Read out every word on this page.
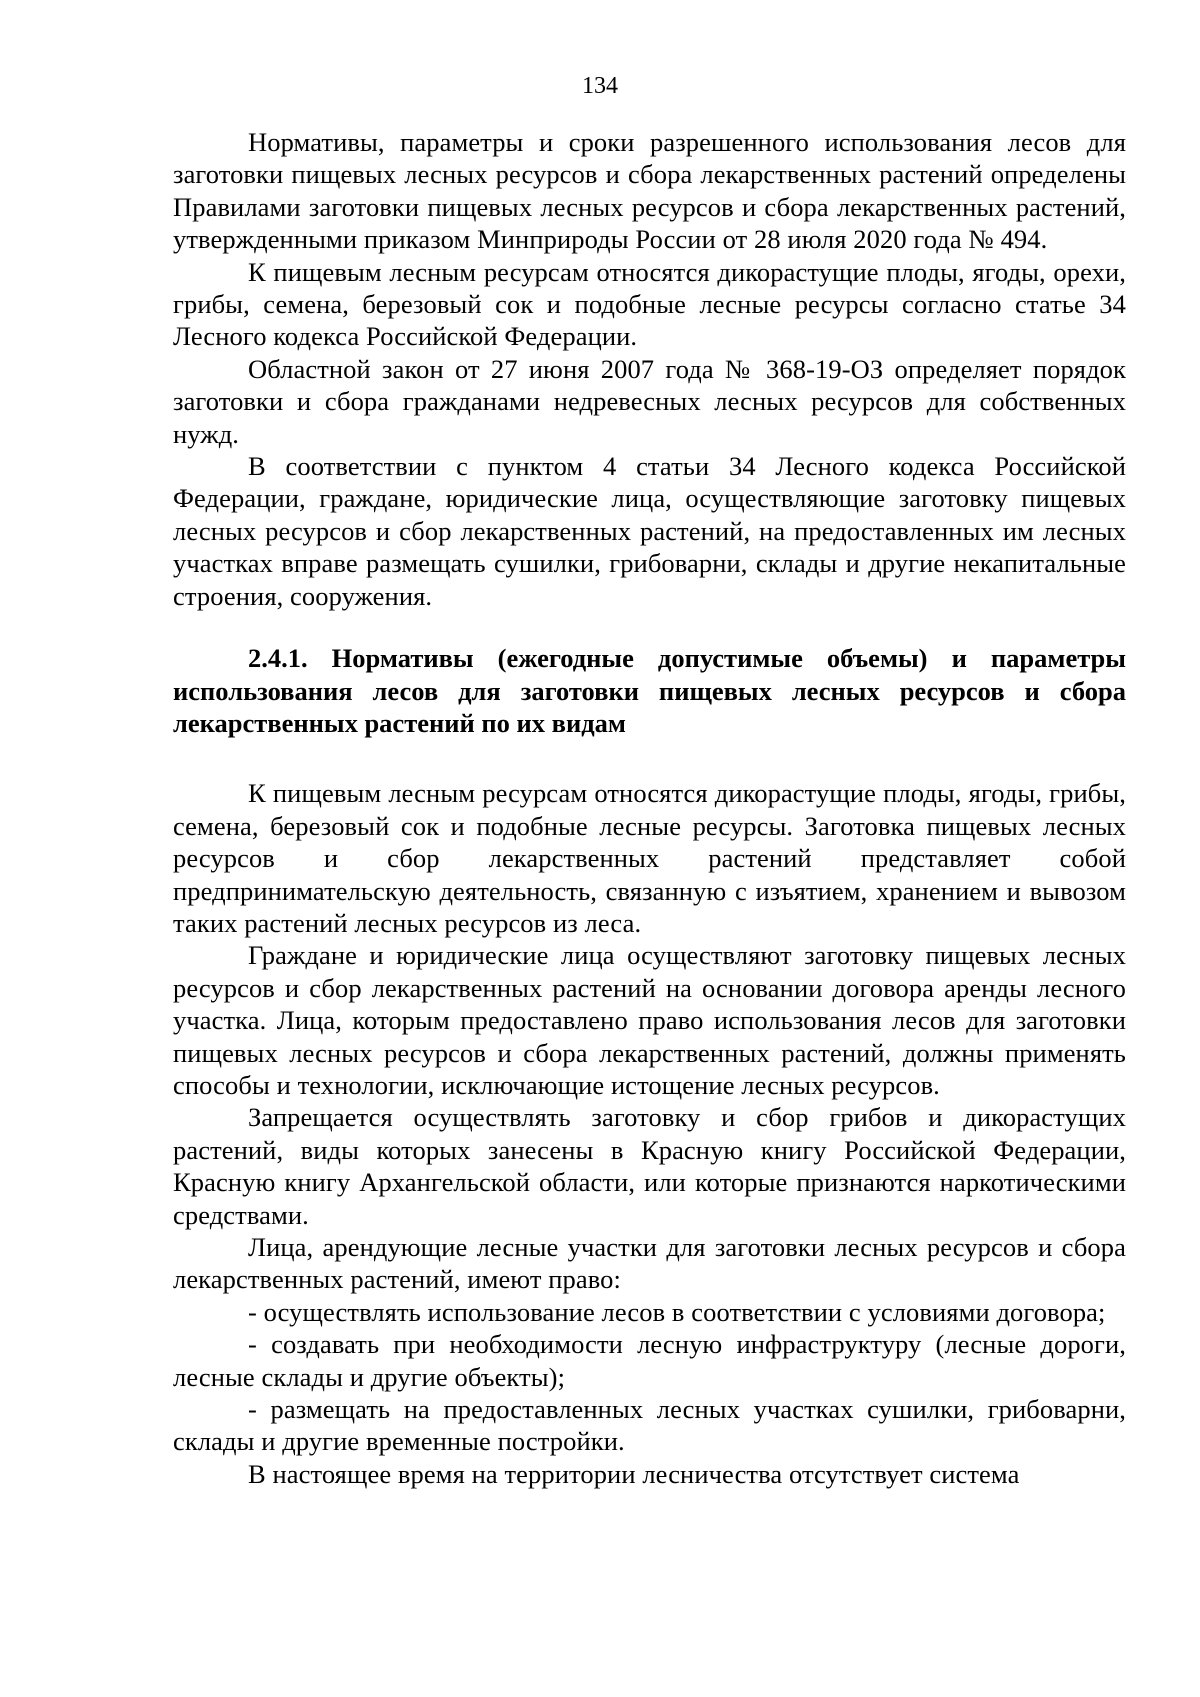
134

Нормативы, параметры и сроки разрешенного использования лесов для заготовки пищевых лесных ресурсов и сбора лекарственных растений определены Правилами заготовки пищевых лесных ресурсов и сбора лекарственных растений, утвержденными приказом Минприроды России от 28 июля 2020 года № 494.

К пищевым лесным ресурсам относятся дикорастущие плоды, ягоды, орехи, грибы, семена, березовый сок и подобные лесные ресурсы согласно статье 34 Лесного кодекса Российской Федерации.

Областной закон от 27 июня 2007 года № 368-19-ОЗ определяет порядок заготовки и сбора гражданами недревесных лесных ресурсов для собственных нужд.

В соответствии с пунктом 4 статьи 34 Лесного кодекса Российской Федерации, граждане, юридические лица, осуществляющие заготовку пищевых лесных ресурсов и сбор лекарственных растений, на предоставленных им лесных участках вправе размещать сушилки, грибоварни, склады и другие некапитальные строения, сооружения.

2.4.1. Нормативы (ежегодные допустимые объемы) и параметры использования лесов для заготовки пищевых лесных ресурсов и сбора лекарственных растений по их видам

К пищевым лесным ресурсам относятся дикорастущие плоды, ягоды, грибы, семена, березовый сок и подобные лесные ресурсы. Заготовка пищевых лесных ресурсов и сбор лекарственных растений представляет собой предпринимательскую деятельность, связанную с изъятием, хранением и вывозом таких растений лесных ресурсов из леса.

Граждане и юридические лица осуществляют заготовку пищевых лесных ресурсов и сбор лекарственных растений на основании договора аренды лесного участка. Лица, которым предоставлено право использования лесов для заготовки пищевых лесных ресурсов и сбора лекарственных растений, должны применять способы и технологии, исключающие истощение лесных ресурсов.

Запрещается осуществлять заготовку и сбор грибов и дикорастущих растений, виды которых занесены в Красную книгу Российской Федерации, Красную книгу Архангельской области, или которые признаются наркотическими средствами.

Лица, арендующие лесные участки для заготовки лесных ресурсов и сбора лекарственных растений, имеют право:

- осуществлять использование лесов в соответствии с условиями договора;

- создавать при необходимости лесную инфраструктуру (лесные дороги, лесные склады и другие объекты);

- размещать на предоставленных лесных участках сушилки, грибоварни, склады и другие временные постройки.

В настоящее время на территории лесничества отсутствует система
